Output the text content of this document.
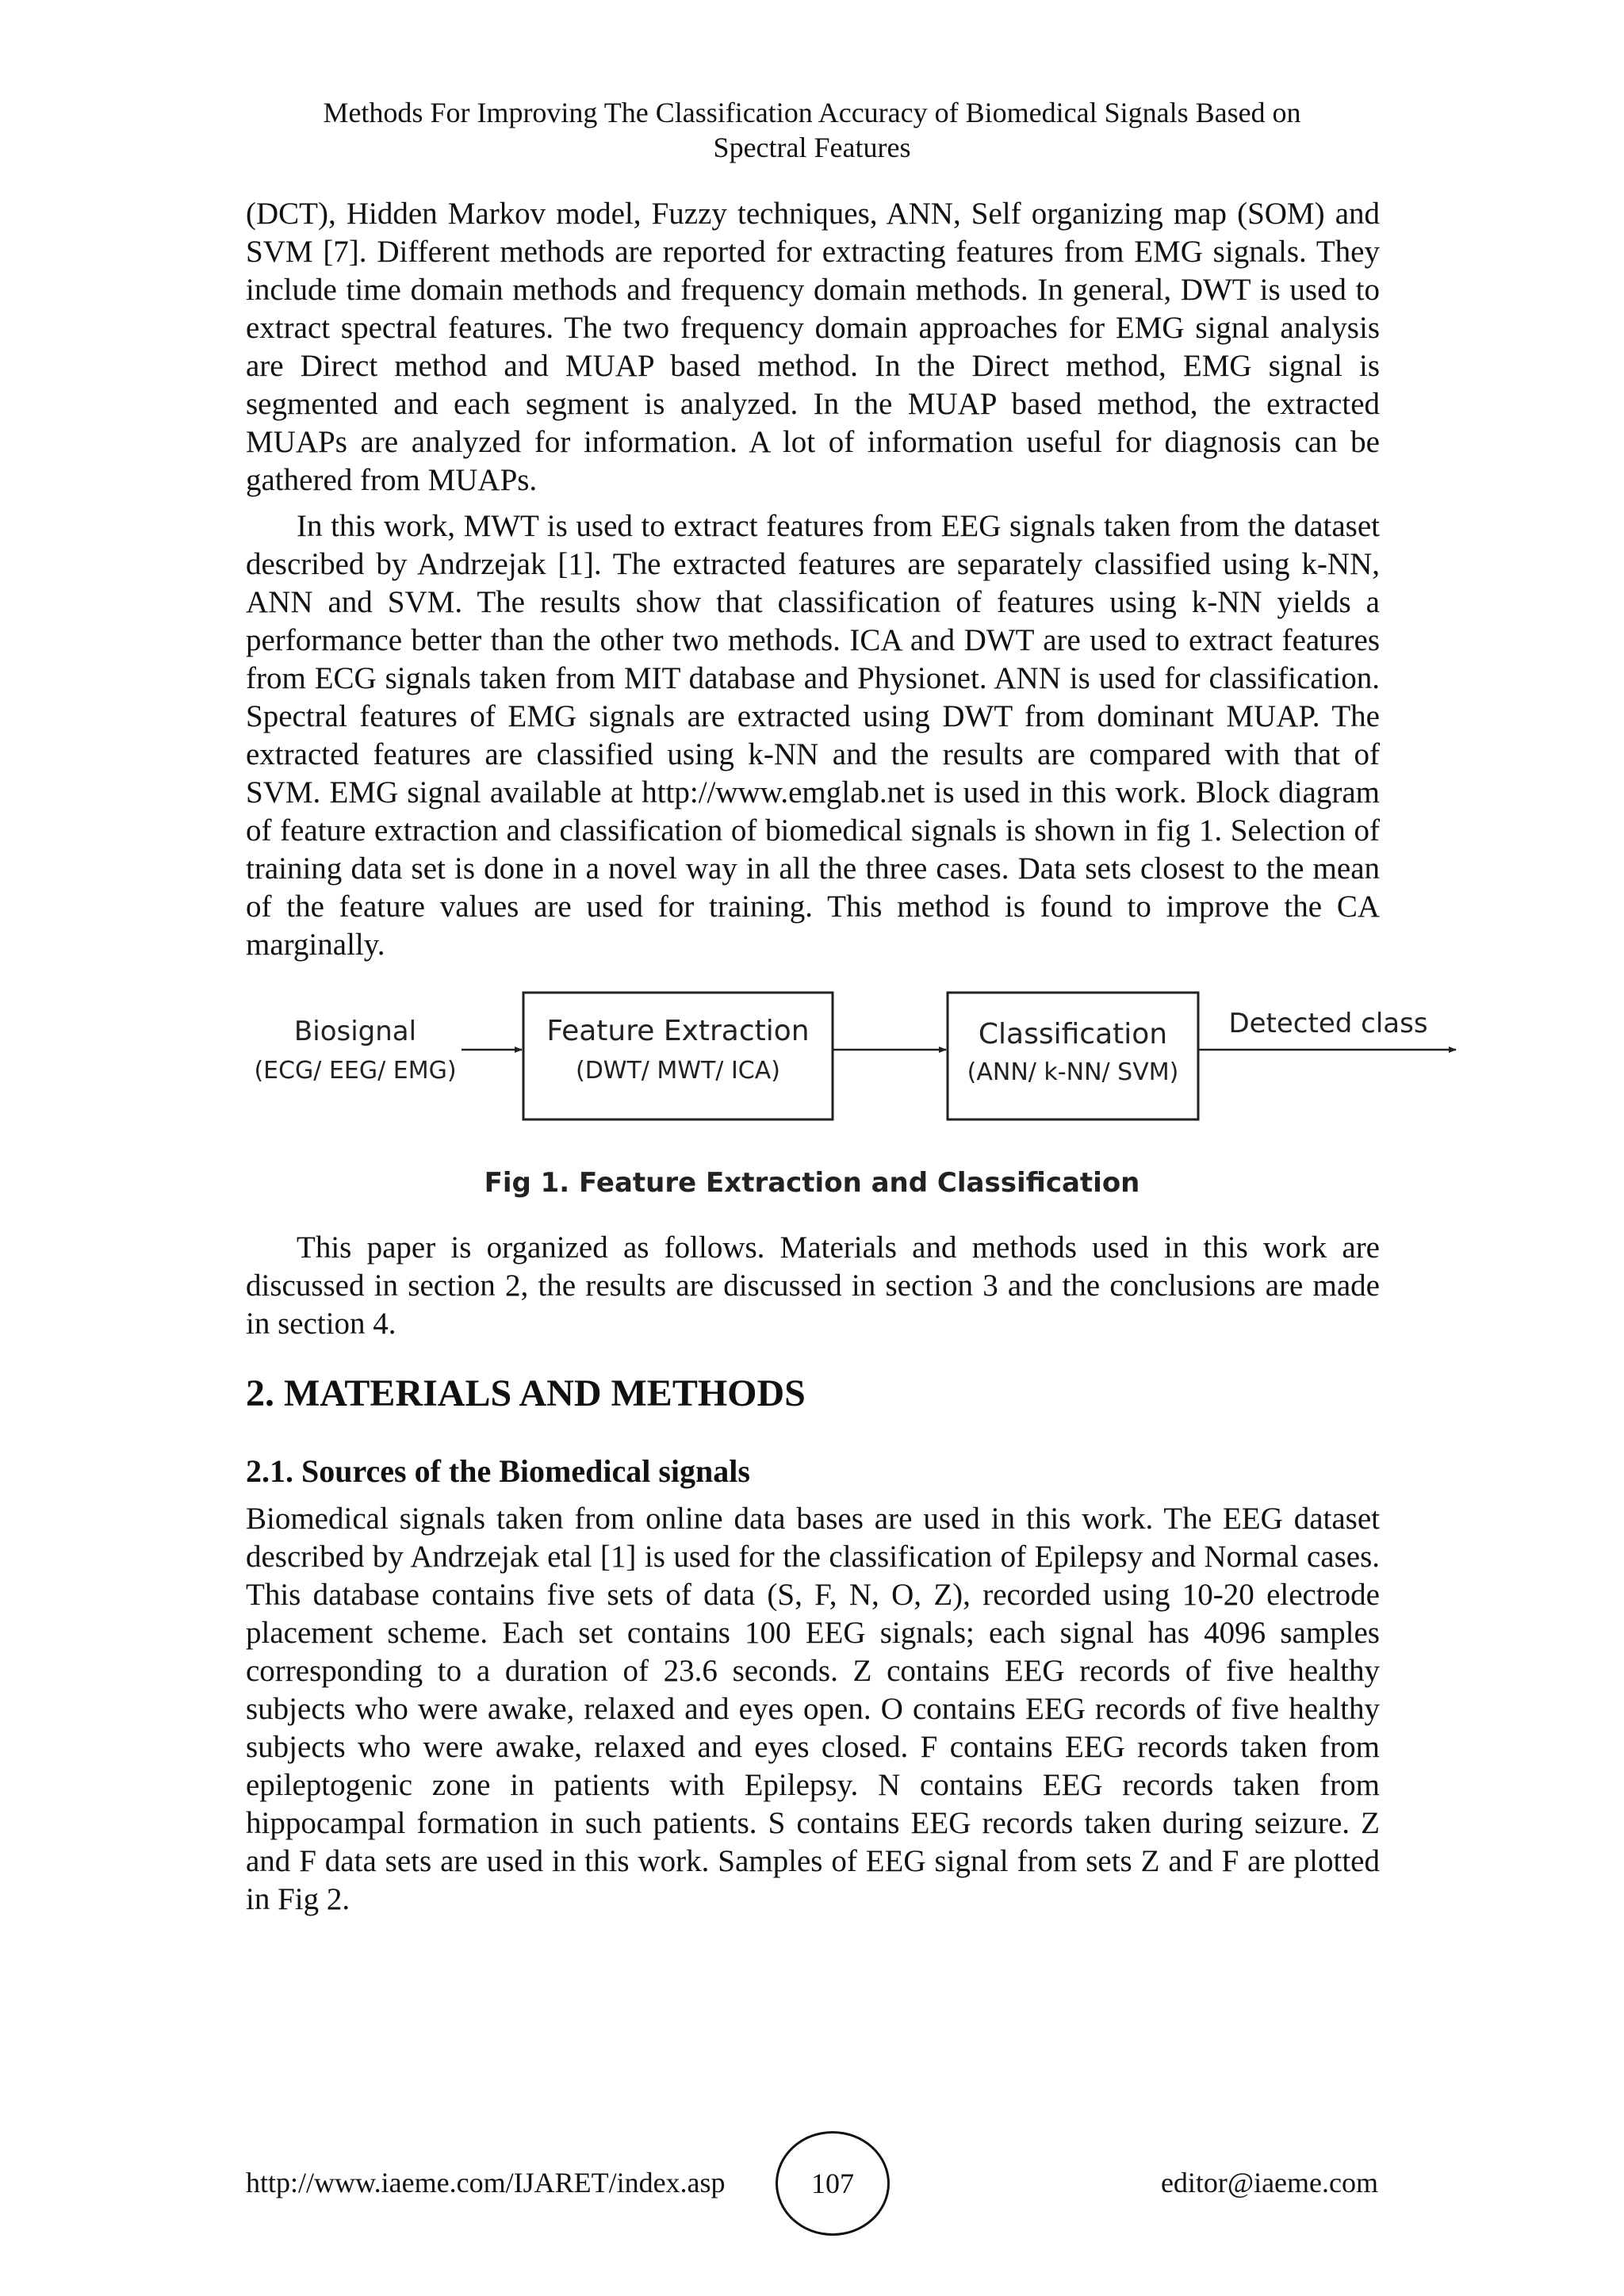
Methods For Improving The Classification Accuracy of Biomedical Signals Based on
Spectral Features

(DCT), Hidden Markov model, Fuzzy techniques, ANN, Self organizing map (SOM) and SVM [7]. Different methods are reported for extracting features from EMG signals. They include time domain methods and frequency domain methods. In general, DWT is used to extract spectral features. The two frequency domain approaches for EMG signal analysis are Direct method and MUAP based method. In the Direct method, EMG signal is segmented and each segment is analyzed. In the MUAP based method, the extracted MUAPs are analyzed for information. A lot of information useful for diagnosis can be gathered from MUAPs.

In this work, MWT is used to extract features from EEG signals taken from the dataset described by Andrzejak [1]. The extracted features are separately classified using k-NN, ANN and SVM. The results show that classification of features using k-NN yields a performance better than the other two methods. ICA and DWT are used to extract features from ECG signals taken from MIT database and Physionet. ANN is used for classification. Spectral features of EMG signals are extracted using DWT from dominant MUAP. The extracted features are classified using k-NN and the results are compared with that of SVM. EMG signal available at http://www.emglab.net is used in this work. Block diagram of feature extraction and classification of biomedical signals is shown in fig 1. Selection of training data set is done in a novel way in all the three cases. Data sets closest to the mean of the feature values are used for training. This method is found to improve the CA marginally.

Biosignal
(ECG/ EEG/ EMG)
Feature Extraction
(DWT/ MWT/ ICA)
Classification
(ANN/ k-NN/ SVM)
Detected class
Fig 1. Feature Extraction and Classification

This paper is organized as follows. Materials and methods used in this work are discussed in section 2, the results are discussed in section 3 and the conclusions are made in section 4.

2. MATERIALS AND METHODS
2.1. Sources of the Biomedical signals

Biomedical signals taken from online data bases are used in this work. The EEG dataset described by Andrzejak etal [1] is used for the classification of Epilepsy and Normal cases. This database contains five sets of data (S, F, N, O, Z), recorded using 10-20 electrode placement scheme. Each set contains 100 EEG signals; each signal has 4096 samples corresponding to a duration of 23.6 seconds. Z contains EEG records of five healthy subjects who were awake, relaxed and eyes open. O contains EEG records of five healthy subjects who were awake, relaxed and eyes closed. F contains EEG records taken from epileptogenic zone in patients with Epilepsy. N contains EEG records taken from hippocampal formation in such patients. S contains EEG records taken during seizure. Z and F data sets are used in this work. Samples of EEG signal from sets Z and F are plotted in Fig 2.

http://www.iaeme.com/IJARET/index.asp	107	editor@iaeme.com
